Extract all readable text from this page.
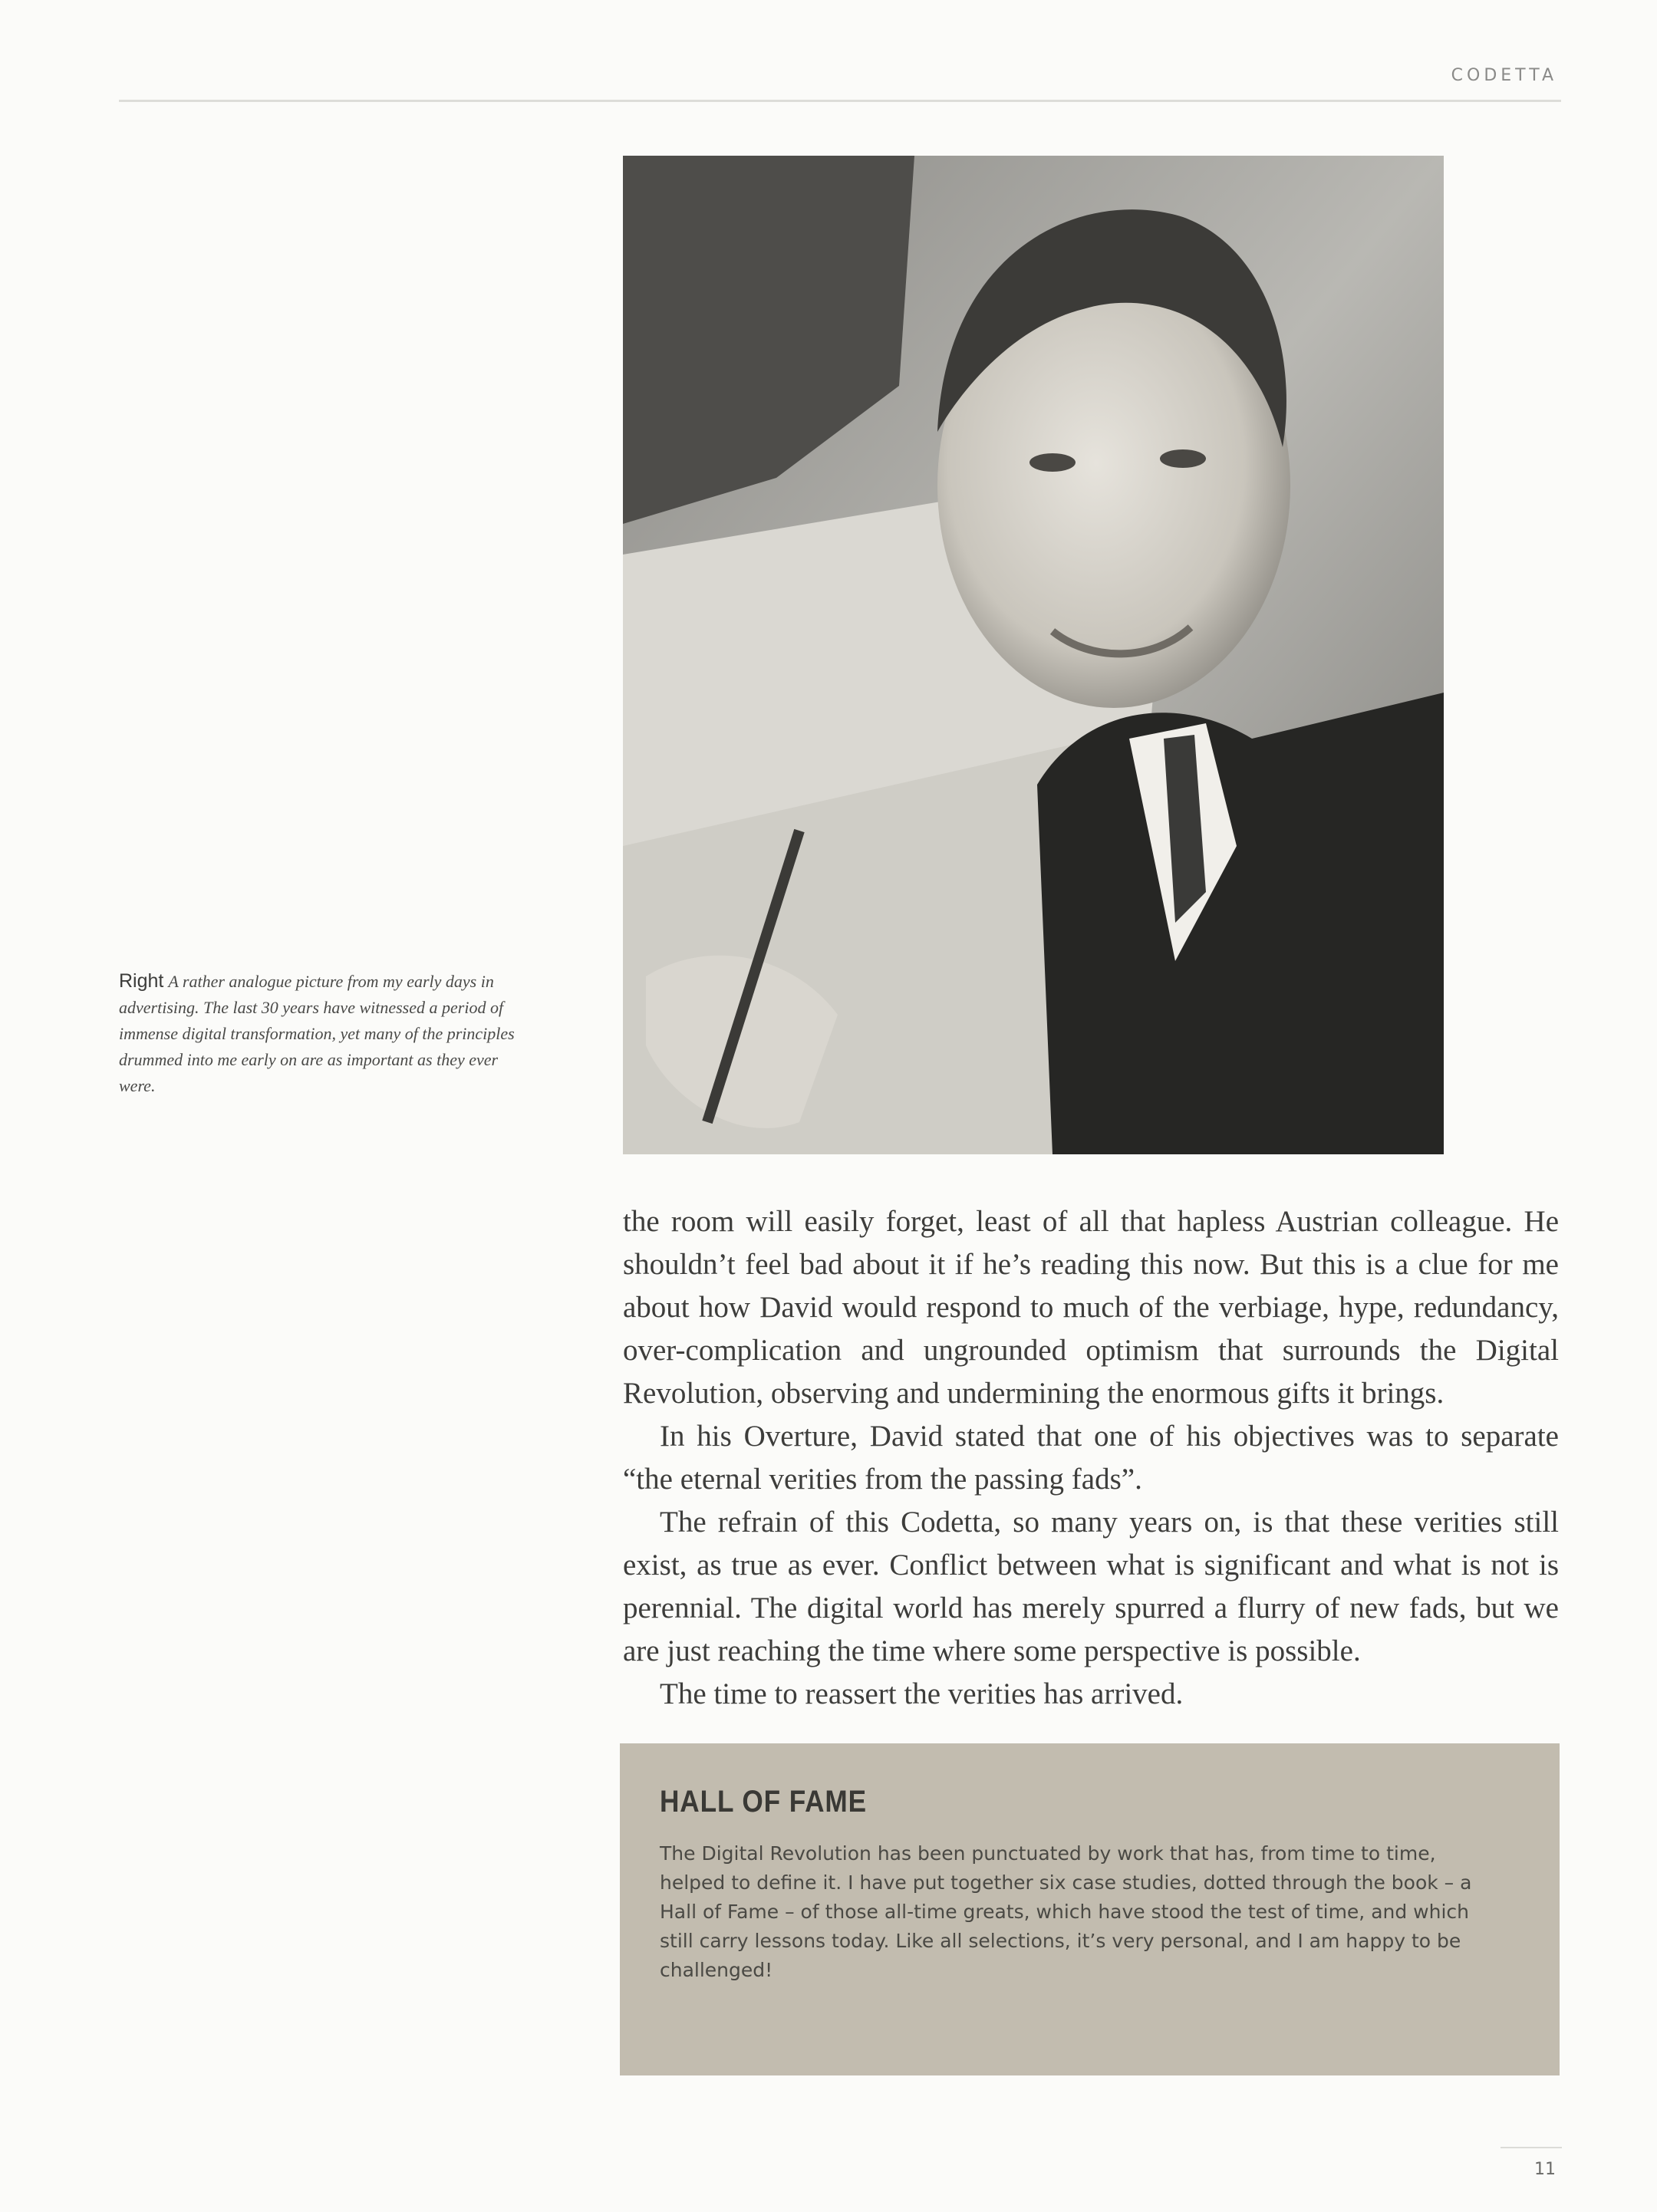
CODETTA
Right A rather analogue picture from my early days in advertising. The last 30 years have witnessed a period of immense digital transformation, yet many of the principles drummed into me early on are as important as they ever were.

the room will easily forget, least of all that hapless Austrian colleague. He shouldn’t feel bad about it if he’s reading this now. But this is a clue for me about how David would respond to much of the verbiage, hype, redundancy, over-complication and ungrounded optimism that surrounds the Digital Revolution, observing and undermining the enormous gifts it brings.

In his Overture, David stated that one of his objectives was to separate “the eternal verities from the passing fads”.

The refrain of this Codetta, so many years on, is that these verities still exist, as true as ever. Conflict between what is significant and what is not is perennial. The digital world has merely spurred a flurry of new fads, but we are just reaching the time where some perspective is possible.

The time to reassert the verities has arrived.

HALL OF FAME

The Digital Revolution has been punctuated by work that has, from time to time, helped to define it. I have put together six case studies, dotted through the book – a Hall of Fame – of those all-time greats, which have stood the test of time, and which still carry lessons today. Like all selections, it’s very personal, and I am happy to be challenged!

11
